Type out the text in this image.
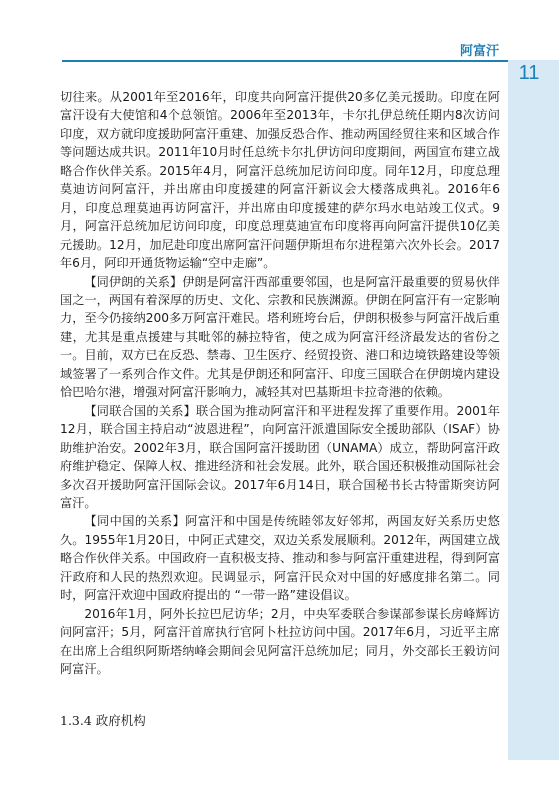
阿富汗
11

切往来。从2001年至2016年，印度共向阿富汗提供20多亿美元援助。印度在阿富汗设有大使馆和4个总领馆。2006年至2013年，卡尔扎伊总统任期内8次访问印度，双方就印度援助阿富汗重建、加强反恐合作、推动两国经贸往来和区域合作等问题达成共识。2011年10月时任总统卡尔扎伊访问印度期间，两国宣布建立战略合作伙伴关系。2015年4月，阿富汗总统加尼访问印度。同年12月，印度总理莫迪访问阿富汗，并出席由印度援建的阿富汗新议会大楼落成典礼。2016年6月，印度总理莫迪再访阿富汗，并出席由印度援建的萨尔玛水电站竣工仪式。9月，阿富汗总统加尼访问印度，印度总理莫迪宣布印度将再向阿富汗提供10亿美元援助。12月，加尼赴印度出席阿富汗问题伊斯坦布尔进程第六次外长会。2017年6月，阿印开通货物运输“空中走廊”。

【同伊朗的关系】伊朗是阿富汗西部重要邻国，也是阿富汗最重要的贸易伙伴国之一，两国有着深厚的历史、文化、宗教和民族渊源。伊朗在阿富汗有一定影响力，至今仍接纳200多万阿富汗难民。塔利班垮台后，伊朗积极参与阿富汗战后重建，尤其是重点援建与其毗邻的赫拉特省，使之成为阿富汗经济最发达的省份之一。目前，双方已在反恐、禁毒、卫生医疗、经贸投资、港口和边境铁路建设等领域签署了一系列合作文件。尤其是伊朗还和阿富汗、印度三国联合在伊朗境内建设恰巴哈尔港，增强对阿富汗影响力，减轻其对巴基斯坦卡拉奇港的依赖。

【同联合国的关系】联合国为推动阿富汗和平进程发挥了重要作用。2001年12月，联合国主持启动“波恩进程”，向阿富汗派遣国际安全援助部队（ISAF）协助维护治安。2002年3月，联合国阿富汗援助团（UNAMA）成立，帮助阿富汗政府维护稳定、保障人权、推进经济和社会发展。此外，联合国还积极推动国际社会多次召开援助阿富汗国际会议。2017年6月14日，联合国秘书长古特雷斯突访阿富汗。

【同中国的关系】阿富汗和中国是传统睦邻友好邻邦，两国友好关系历史悠久。1955年1月20日，中阿正式建交，双边关系发展顺利。2012年，两国建立战略合作伙伴关系。中国政府一直积极支持、推动和参与阿富汗重建进程，得到阿富汗政府和人民的热烈欢迎。民调显示，阿富汗民众对中国的好感度排名第二。同时，阿富汗欢迎中国政府提出的 “一带一路”建设倡议。

2016年1月，阿外长拉巴尼访华；2月，中央军委联合参谋部参谋长房峰辉访问阿富汗；5月，阿富汗首席执行官阿卜杜拉访问中国。2017年6月，习近平主席在出席上合组织阿斯塔纳峰会期间会见阿富汗总统加尼；同月，外交部长王毅访问阿富汗。

1.3.4 政府机构
